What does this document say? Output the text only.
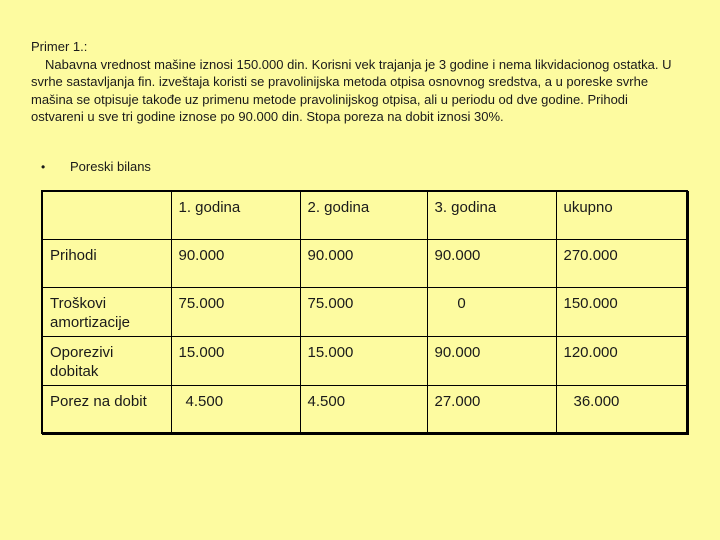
Primer 1.:

Nabavna vrednost mašine iznosi 150.000 din. Korisni vek trajanja je 3 godine i nema likvidacionog ostatka. U svrhe sastavljanja fin. izveštaja koristi se pravolinijska metoda otpisa osnovnog sredstva, a u poreske svrhe mašina se otpisuje takođe uz primenu metode pravolinijskog otpisa, ali u periodu od dve godine. Prihodi ostvareni u sve tri godine iznose po 90.000 din. Stopa poreza na dobit iznosi 30%.

•	Poreski bilans
	1. godina	2. godina	3. godina	ukupno
Prihodi	90.000	90.000	90.000	270.000
Troškovi amortizacije	75.000	75.000	0	150.000
Oporezivi dobitak	15.000	15.000	90.000	120.000
Porez na dobit	4.500	4.500	27.000	36.000
